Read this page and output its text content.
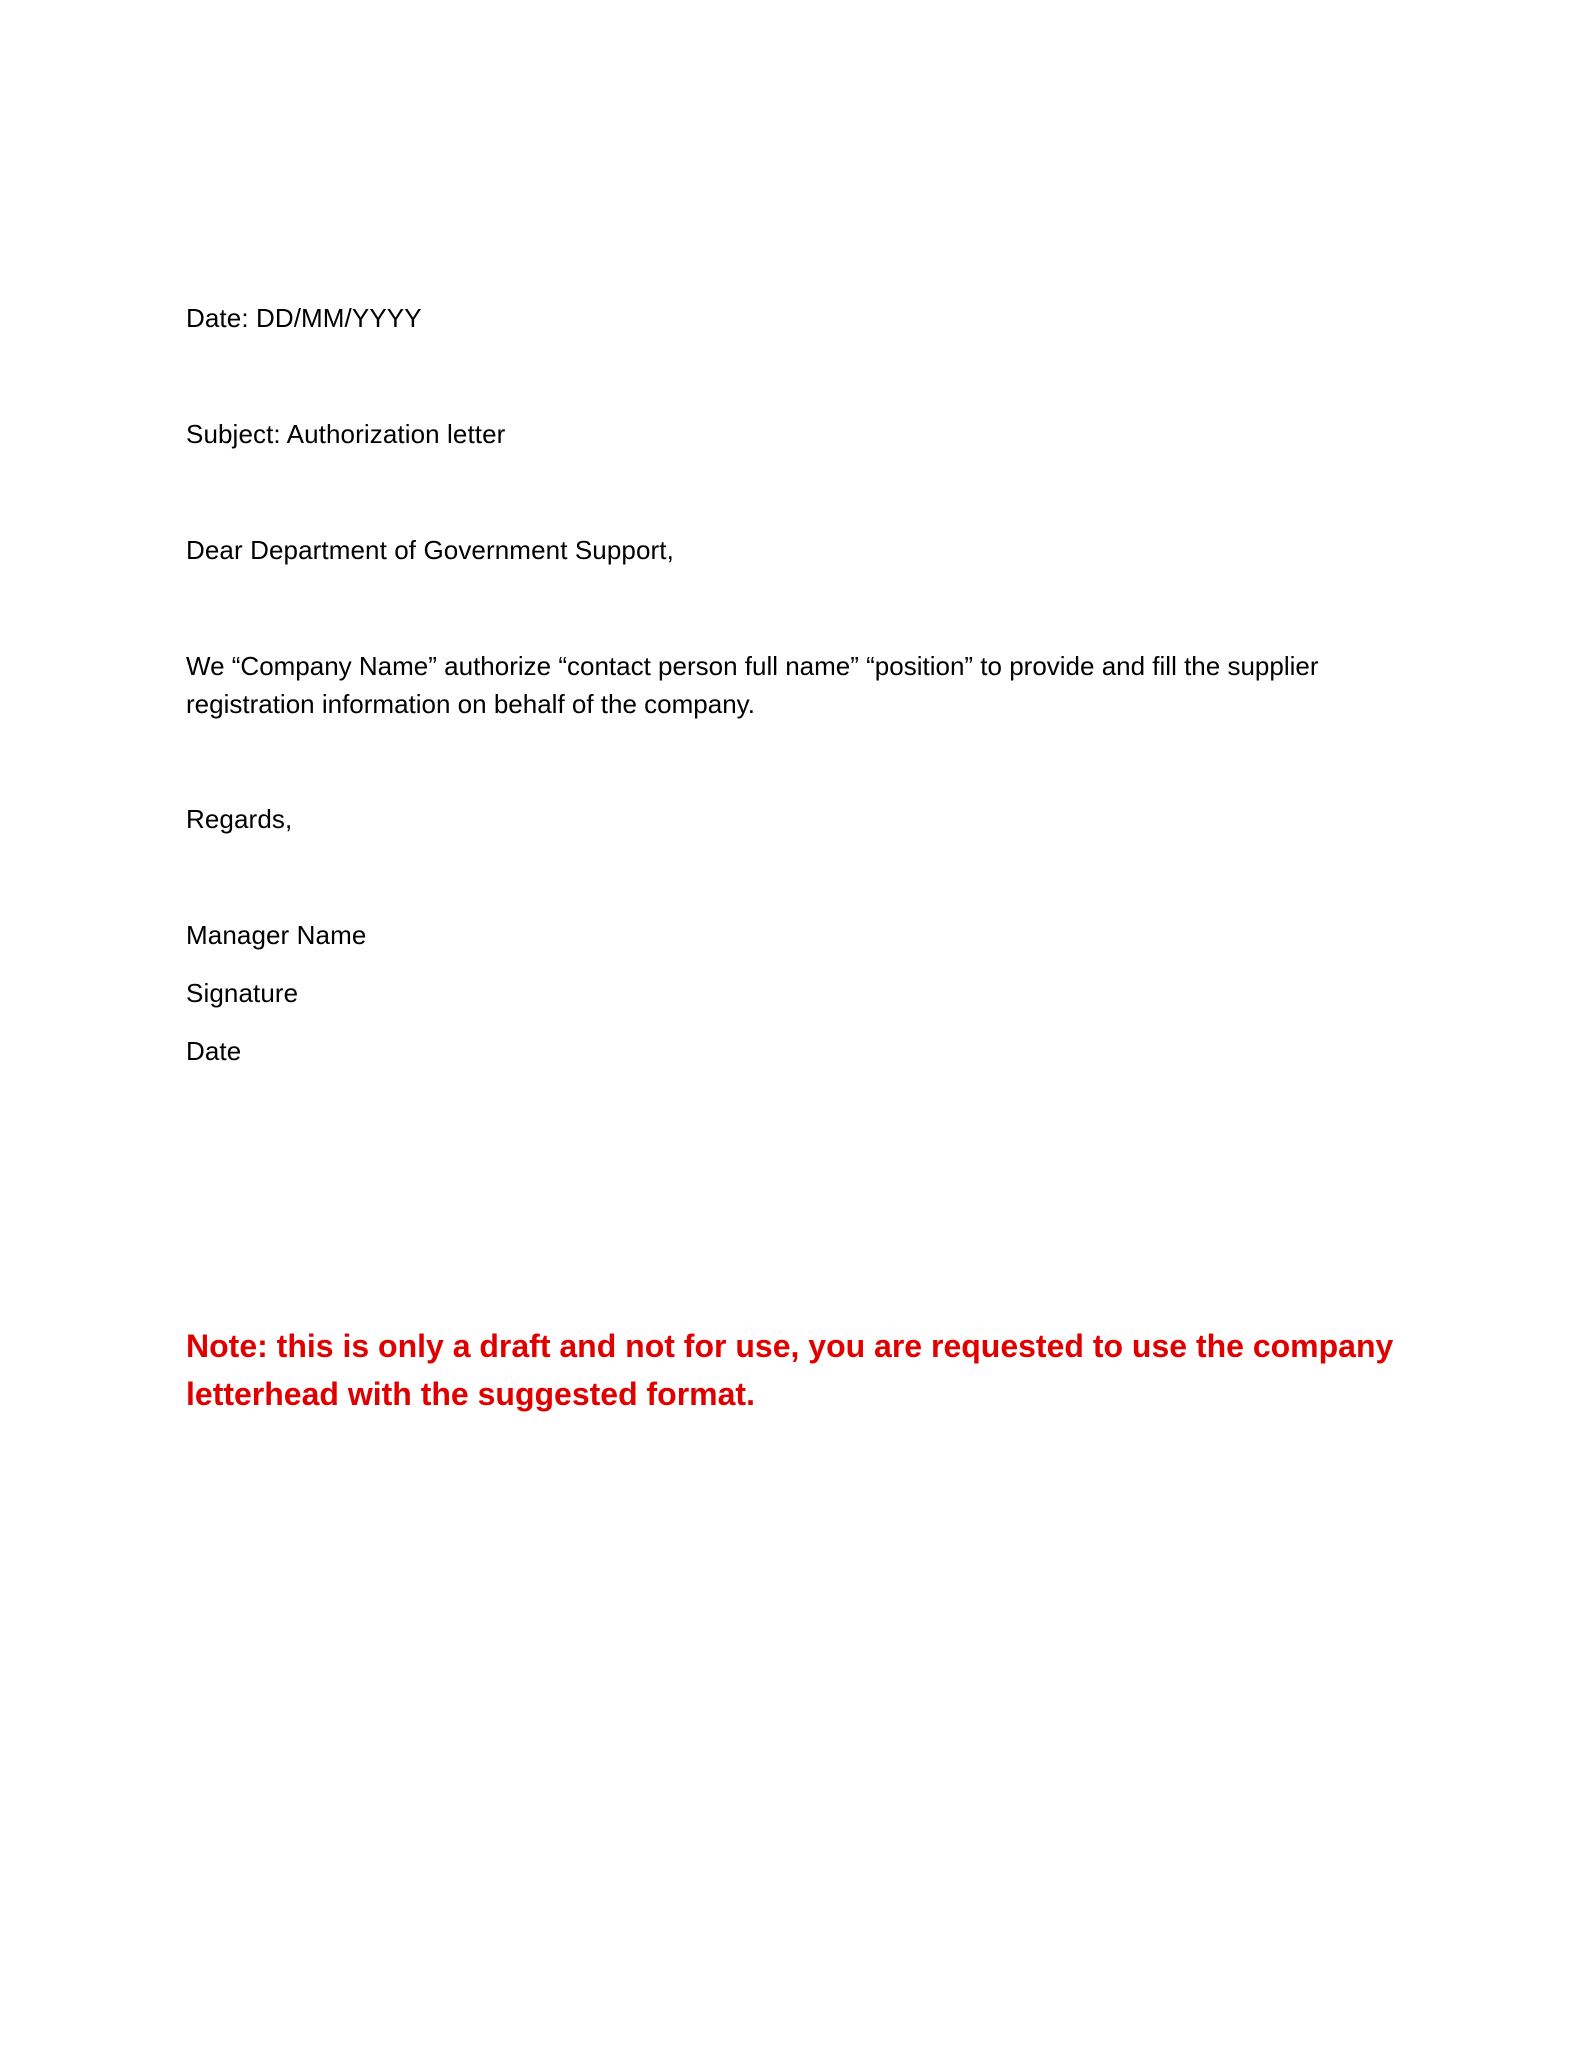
Date: DD/MM/YYYY

Subject: Authorization letter

Dear Department of Government Support,

We “Company Name” authorize “contact person full name” “position” to provide and fill the supplier
registration information on behalf of the company.

Regards,

Manager Name

Signature

Date

Note: this is only a draft and not for use, you are requested to use the company
letterhead with the suggested format.
